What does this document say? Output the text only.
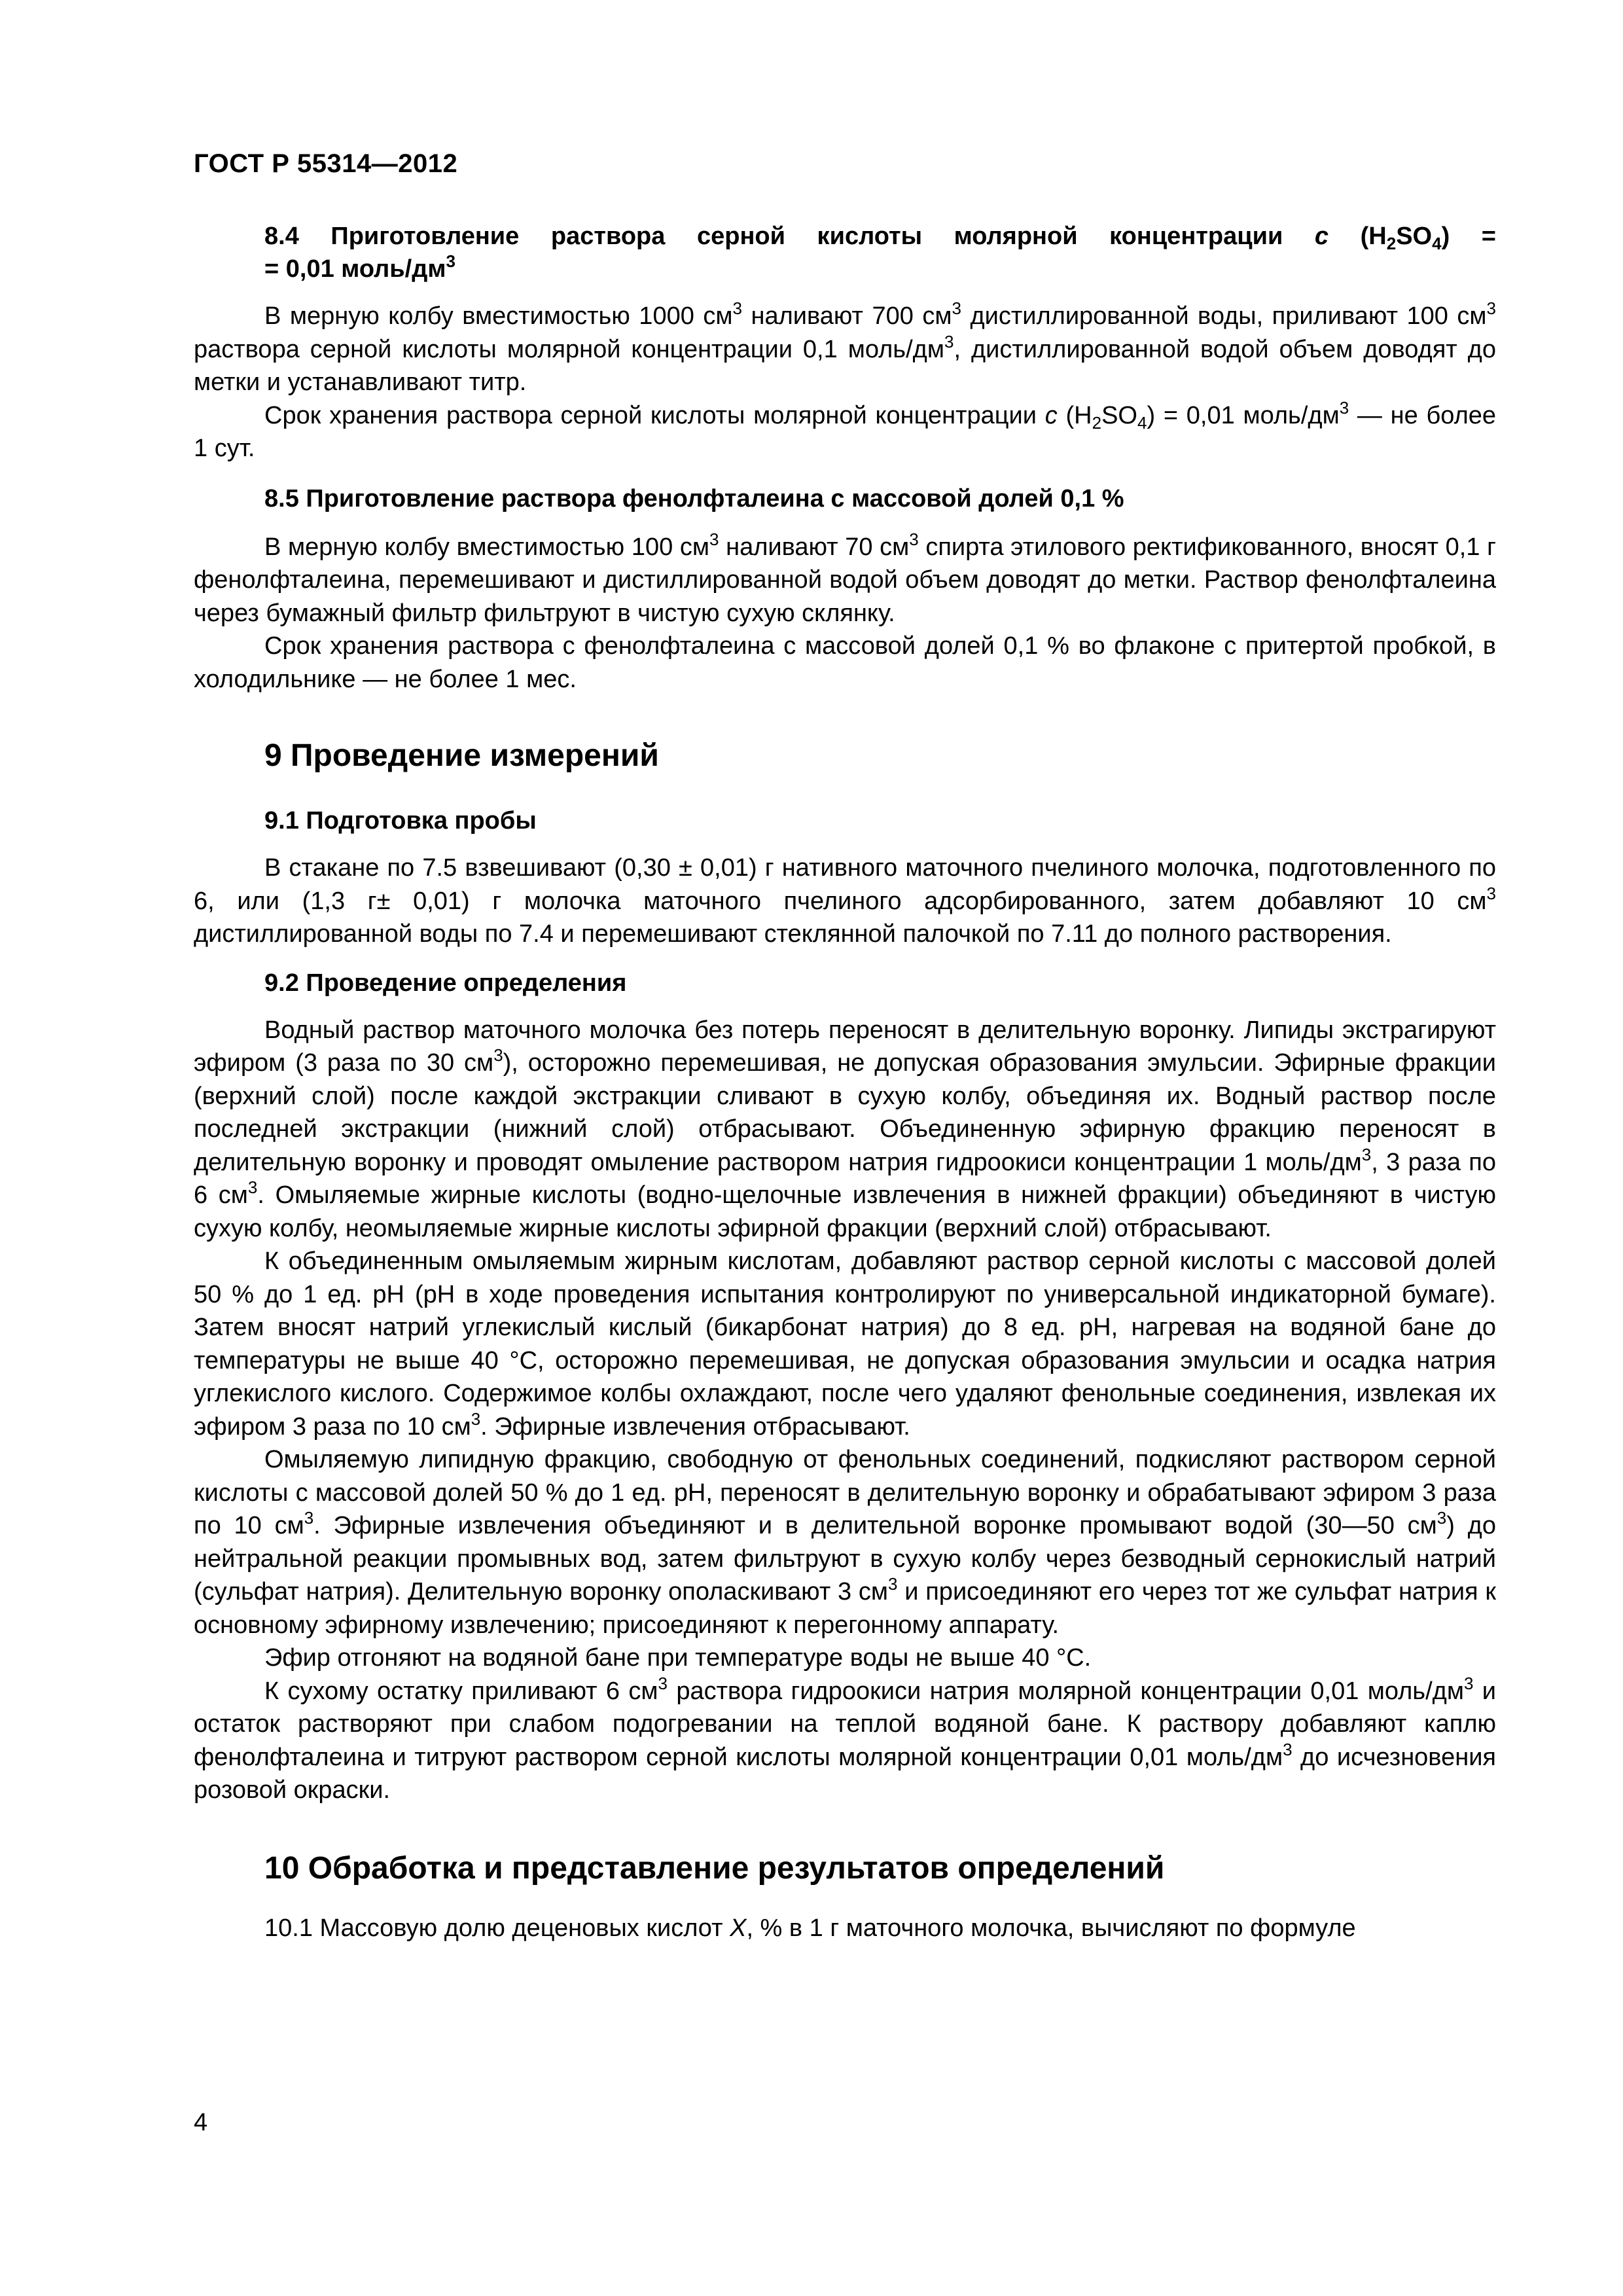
ГОСТ Р 55314—2012
8.4 Приготовление раствора серной кислоты молярной концентрации c $(H_2SO_4)$ =
= 0,01 моль/$дм^3$

В мерную колбу вместимостью 1000 $см^3$ наливают 700 $см^3$ дистиллированной воды, приливают 100 $см^3$ раствора серной кислоты молярной концентрации 0,1 моль/$дм^3$, дистиллированной водой объем доводят до метки и устанавливают титр.

Срок хранения раствора серной кислоты молярной концентрации c $(H_2SO_4) = 0,01$ моль/$дм^3$ — не более 1 сут.

8.5 Приготовление раствора фенолфталеина с массовой долей 0,1 %

В мерную колбу вместимостью 100 $см^3$ наливают 70 $см^3$ спирта этилового ректификованного, вносят 0,1 г фенолфталеина, перемешивают и дистиллированной водой объем доводят до метки. Раствор фенолфталеина через бумажный фильтр фильтруют в чистую сухую склянку.

Срок хранения раствора с фенолфталеина с массовой долей 0,1 % во флаконе с притертой пробкой, в холодильнике — не более 1 мес.

9 Проведение измерений
9.1 Подготовка пробы

В стакане по 7.5 взвешивают (0,30 ± 0,01) г нативного маточного пчелиного молочка, подготовленного по 6, или (1,3 г± 0,01) г молочка маточного пчелиного адсорбированного, затем добавляют 10 $см^3$ дистиллированной воды по 7.4 и перемешивают стеклянной палочкой по 7.11 до полного растворения.

9.2 Проведение определения

Водный раствор маточного молочка без потерь переносят в делительную воронку. Липиды экстрагируют эфиром (3 раза по 30 $см^3$), осторожно перемешивая, не допуская образования эмульсии. Эфирные фракции (верхний слой) после каждой экстракции сливают в сухую колбу, объединяя их. Водный раствор после последней экстракции (нижний слой) отбрасывают. Объединенную эфирную фракцию переносят в делительную воронку и проводят омыление раствором натрия гидроокиси концентрации 1 моль/$дм^3$, 3 раза по 6 $см^3$. Омыляемые жирные кислоты (водно-щелочные извлечения в нижней фракции) объединяют в чистую сухую колбу, неомыляемые жирные кислоты эфирной фракции (верхний слой) отбрасывают.

К объединенным омыляемым жирным кислотам, добавляют раствор серной кислоты с массовой долей 50 % до 1 ед. pH (pH в ходе проведения испытания контролируют по универсальной индикаторной бумаге). Затем вносят натрий углекислый кислый (бикарбонат натрия) до 8 ед. pH, нагревая на водяной бане до температуры не выше 40 °С, осторожно перемешивая, не допуская образования эмульсии и осадка натрия углекислого кислого. Содержимое колбы охлаждают, после чего удаляют фенольные соединения, извлекая их эфиром 3 раза по 10 $см^3$. Эфирные извлечения отбрасывают.

Омыляемую липидную фракцию, свободную от фенольных соединений, подкисляют раствором серной кислоты с массовой долей 50 % до 1 ед. pH, переносят в делительную воронку и обрабатывают эфиром 3 раза по 10 $см^3$. Эфирные извлечения объединяют и в делительной воронке промывают водой (30—50 $см^3$) до нейтральной реакции промывных вод, затем фильтруют в сухую колбу через безводный сернокислый натрий (сульфат натрия). Делительную воронку ополаскивают 3 $см^3$ и присоединяют его через тот же сульфат натрия к основному эфирному извлечению; присоединяют к перегонному аппарату.

Эфир отгоняют на водяной бане при температуре воды не выше 40 °С.

К сухому остатку приливают 6 $см^3$ раствора гидроокиси натрия молярной концентрации 0,01 моль/$дм^3$ и остаток растворяют при слабом подогревании на теплой водяной бане. К раствору добавляют каплю фенолфталеина и титруют раствором серной кислоты молярной концентрации 0,01 моль/$дм^3$ до исчезновения розовой окраски.

10 Обработка и представление результатов определений

10.1 Массовую долю деценовых кислот X, % в 1 г маточного молочка, вычисляют по формуле

4
